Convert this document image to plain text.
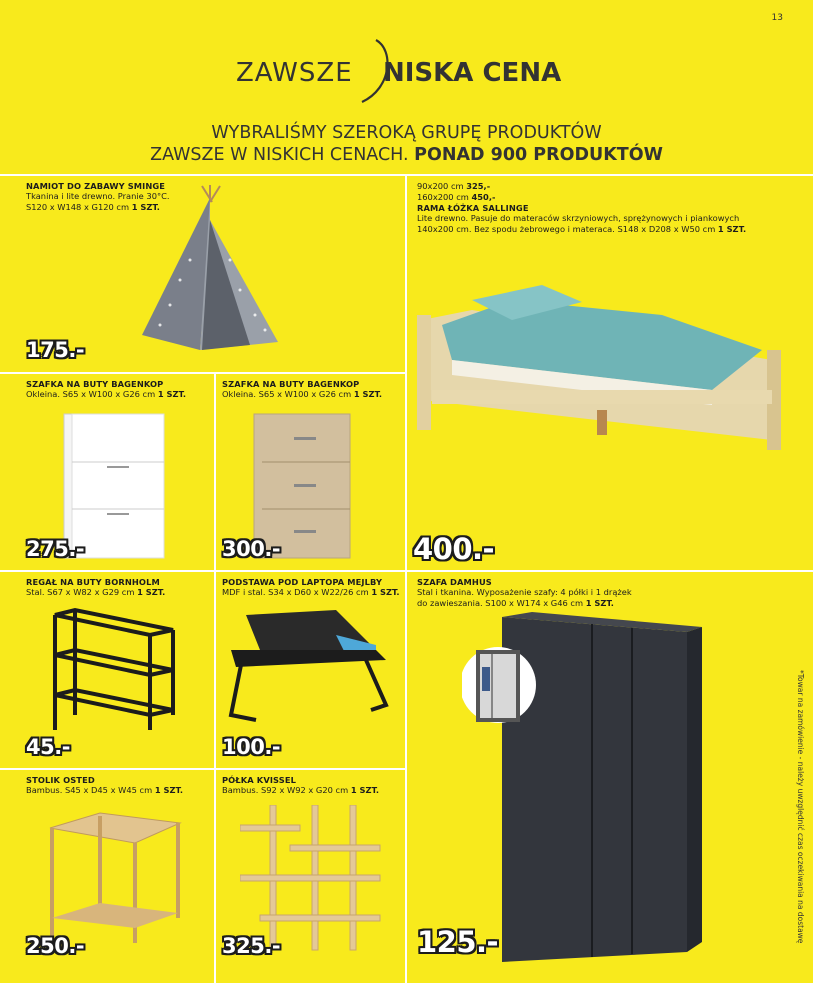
13
ZAWSZE NISKA CENA
WYBRALIŚMY SZEROKĄ GRUPĘ PRODUKTÓW
ZAWSZE W NISKICH CENACH. PONAD 900 PRODUKTÓW
NAMIOT DO ZABAWY SMINGE
Tkanina i lite drewno. Pranie 30°C.
S120 x W148 x G120 cm 1 SZT.
175.-
90x200 cm 325,-
160x200 cm 450,-
RAMA ŁÓŻKA SALLINGE
Lite drewno. Pasuje do materaców skrzyniowych, sprężynowych i piankowych
140x200 cm. Bez spodu żebrowego i materaca. S148 x D208 x W50 cm 1 SZT.
400.-
SZAFKA NA BUTY BAGENKOP
Okleina. S65 x W100 x G26 cm 1 SZT.
275.-
SZAFKA NA BUTY BAGENKOP
Okleina. S65 x W100 x G26 cm 1 SZT.
300.-
REGAŁ NA BUTY BORNHOLM
Stal. S67 x W82 x G29 cm 1 SZT.
45.-
PODSTAWA POD LAPTOPA MEJLBY
MDF i stal. S34 x D60 x W22/26 cm 1 SZT.
100.-
SZAFA DAMHUS
Stal i tkanina. Wyposażenie szafy: 4 półki i 1 drążek
do zawieszania. S100 x W174 x G46 cm 1 SZT.
125.-
STOLIK OSTED
Bambus. S45 x D45 x W45 cm 1 SZT.
250.-
PÓŁKA KVISSEL
Bambus. S92 x W92 x G20 cm 1 SZT.
325.-
*Towar na zamówienie - należy uwzględnić czas oczekiwania na dostawę
